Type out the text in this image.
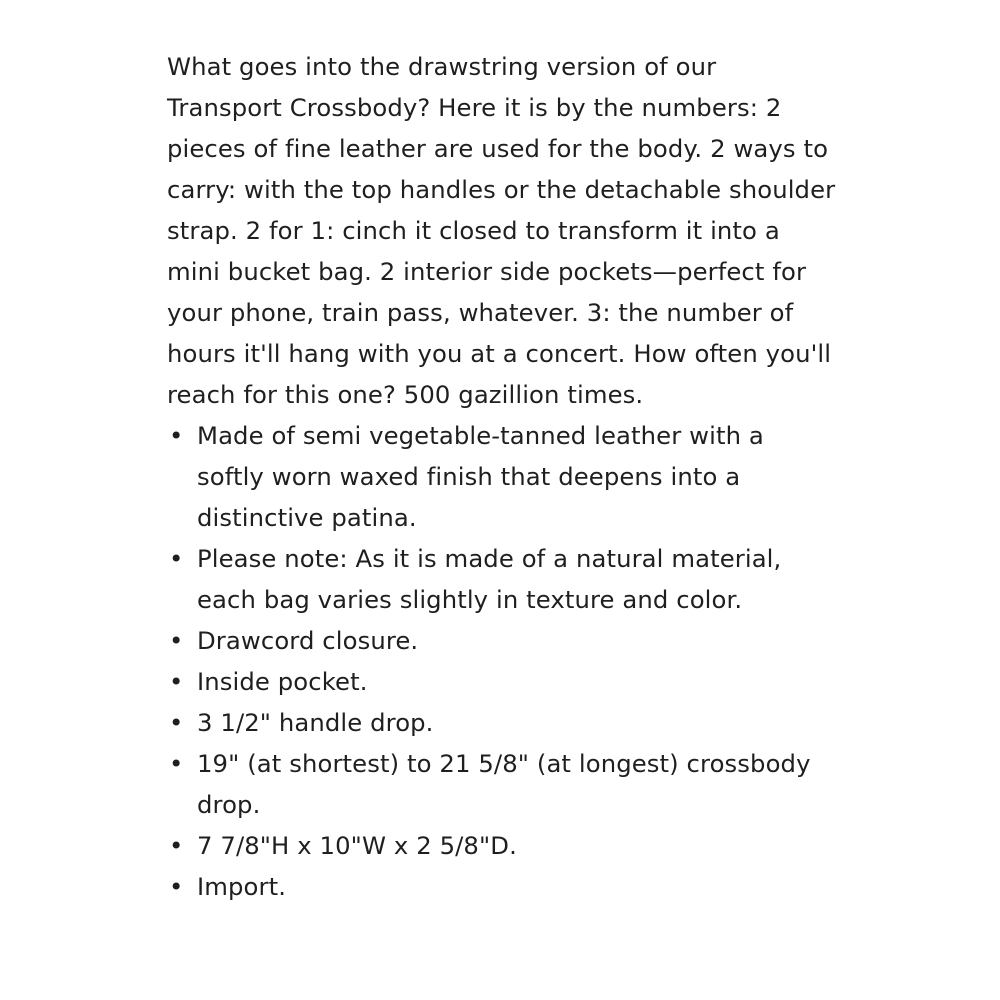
What goes into the drawstring version of our Transport Crossbody? Here it is by the numbers: 2 pieces of fine leather are used for the body. 2 ways to carry: with the top handles or the detachable shoulder strap. 2 for 1: cinch it closed to transform it into a mini bucket bag. 2 interior side pockets—perfect for your phone, train pass, whatever. 3: the number of hours it'll hang with you at a concert. How often you'll reach for this one? 500 gazillion times.

• Made of semi vegetable-tanned leather with a softly worn waxed finish that deepens into a distinctive patina.
• Please note: As it is made of a natural material, each bag varies slightly in texture and color.
• Drawcord closure.
• Inside pocket.
• 3 1/2" handle drop.
• 19" (at shortest) to 21 5/8" (at longest) crossbody drop.
• 7 7/8"H x 10"W x 2 5/8"D.
• Import.
